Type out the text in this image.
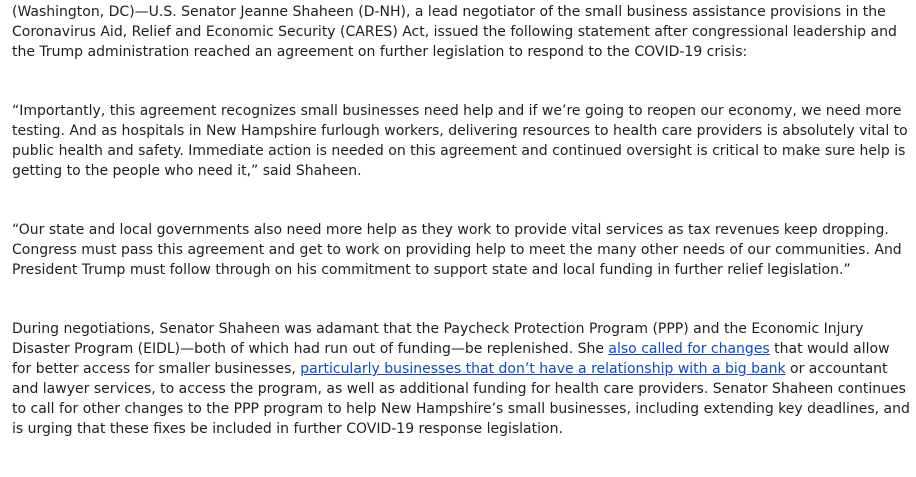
(Washington, DC)—U.S. Senator Jeanne Shaheen (D-NH), a lead negotiator of the small business assistance provisions in the Coronavirus Aid, Relief and Economic Security (CARES) Act, issued the following statement after congressional leadership and the Trump administration reached an agreement on further legislation to respond to the COVID-19 crisis:

“Importantly, this agreement recognizes small businesses need help and if we’re going to reopen our economy, we need more testing. And as hospitals in New Hampshire furlough workers, delivering resources to health care providers is absolutely vital to public health and safety. Immediate action is needed on this agreement and continued oversight is critical to make sure help is getting to the people who need it,” said Shaheen.

“Our state and local governments also need more help as they work to provide vital services as tax revenues keep dropping. Congress must pass this agreement and get to work on providing help to meet the many other needs of our communities. And President Trump must follow through on his commitment to support state and local funding in further relief legislation.”

During negotiations, Senator Shaheen was adamant that the Paycheck Protection Program (PPP) and the Economic Injury Disaster Program (EIDL)—both of which had run out of funding—be replenished. She also called for changes that would allow for better access for smaller businesses, particularly businesses that don’t have a relationship with a big bank or accountant and lawyer services, to access the program, as well as additional funding for health care providers. Senator Shaheen continues to call for other changes to the PPP program to help New Hampshire’s small businesses, including extending key deadlines, and is urging that these fixes be included in further COVID-19 response legislation.
